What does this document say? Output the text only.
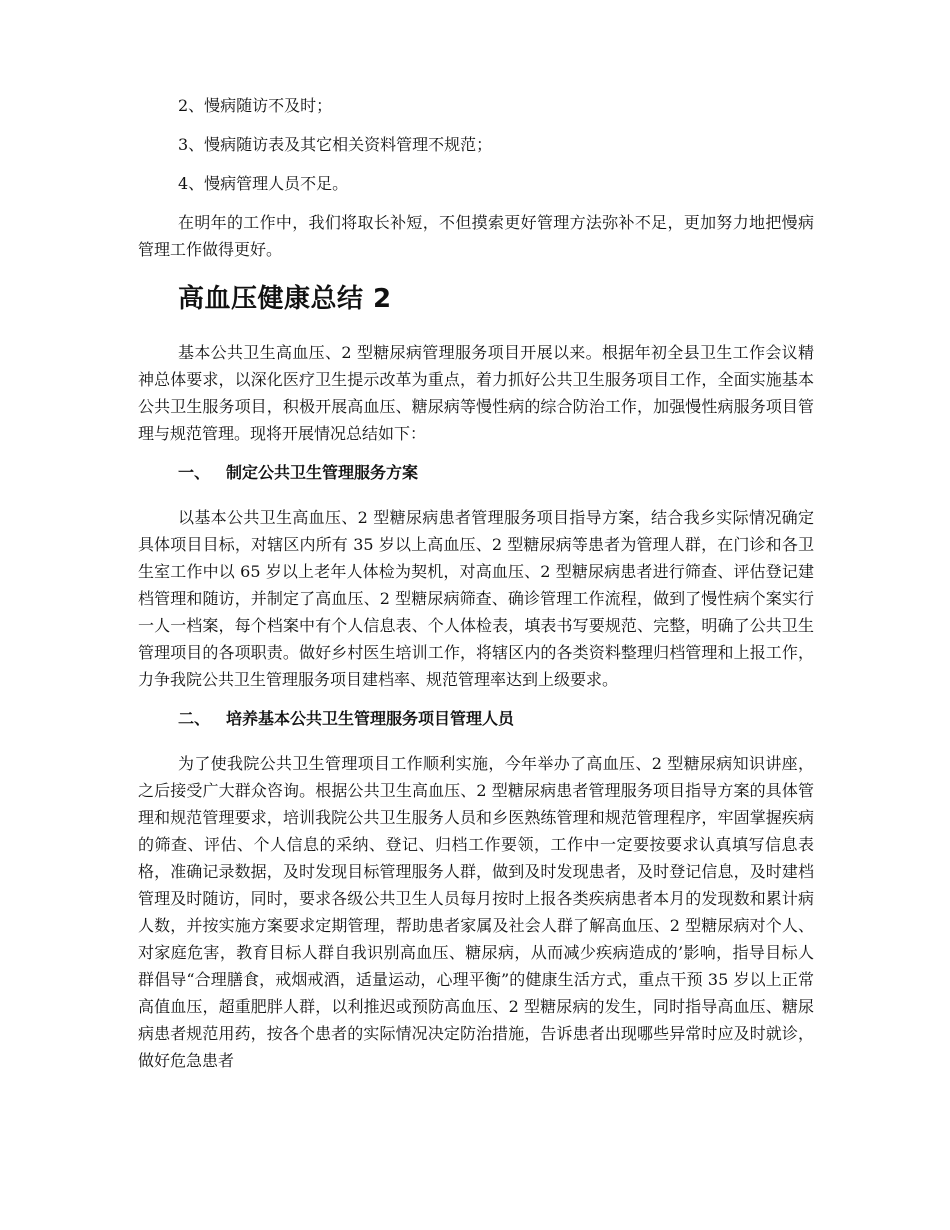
2、慢病随访不及时；

3、慢病随访表及其它相关资料管理不规范；

4、慢病管理人员不足。

在明年的工作中，我们将取长补短，不但摸索更好管理方法弥补不足，更加努力地把慢病管理工作做得更好。

高血压健康总结 2

基本公共卫生高血压、2 型糖尿病管理服务项目开展以来。根据年初全县卫生工作会议精神总体要求，以深化医疗卫生提示改革为重点，着力抓好公共卫生服务项目工作，全面实施基本公共卫生服务项目，积极开展高血压、糖尿病等慢性病的综合防治工作，加强慢性病服务项目管理与规范管理。现将开展情况总结如下：

一、 制定公共卫生管理服务方案

以基本公共卫生高血压、2 型糖尿病患者管理服务项目指导方案，结合我乡实际情况确定具体项目目标，对辖区内所有 35 岁以上高血压、2 型糖尿病等患者为管理人群，在门诊和各卫生室工作中以 65 岁以上老年人体检为契机，对高血压、2 型糖尿病患者进行筛查、评估登记建档管理和随访，并制定了高血压、2 型糖尿病筛查、确诊管理工作流程，做到了慢性病个案实行一人一档案，每个档案中有个人信息表、个人体检表，填表书写要规范、完整，明确了公共卫生管理项目的各项职责。做好乡村医生培训工作，将辖区内的各类资料整理归档管理和上报工作，力争我院公共卫生管理服务项目建档率、规范管理率达到上级要求。

二、 培养基本公共卫生管理服务项目管理人员

为了使我院公共卫生管理项目工作顺利实施，今年举办了高血压、2 型糖尿病知识讲座，之后接受广大群众咨询。根据公共卫生高血压、2 型糖尿病患者管理服务项目指导方案的具体管理和规范管理要求，培训我院公共卫生服务人员和乡医熟练管理和规范管理程序，牢固掌握疾病的筛查、评估、个人信息的采纳、登记、归档工作要领，工作中一定要按要求认真填写信息表格，准确记录数据，及时发现目标管理服务人群，做到及时发现患者，及时登记信息，及时建档管理及时随访，同时，要求各级公共卫生人员每月按时上报各类疾病患者本月的发现数和累计病人数，并按实施方案要求定期管理，帮助患者家属及社会人群了解高血压、2 型糖尿病对个人、对家庭危害，教育目标人群自我识别高血压、糖尿病，从而减少疾病造成的’影响，指导目标人群倡导“合理膳食，戒烟戒酒，适量运动，心理平衡”的健康生活方式，重点干预 35 岁以上正常高值血压，超重肥胖人群，以利推迟或预防高血压、2 型糖尿病的发生，同时指导高血压、糖尿病患者规范用药，按各个患者的实际情况决定防治措施，告诉患者出现哪些异常时应及时就诊，做好危急患者
